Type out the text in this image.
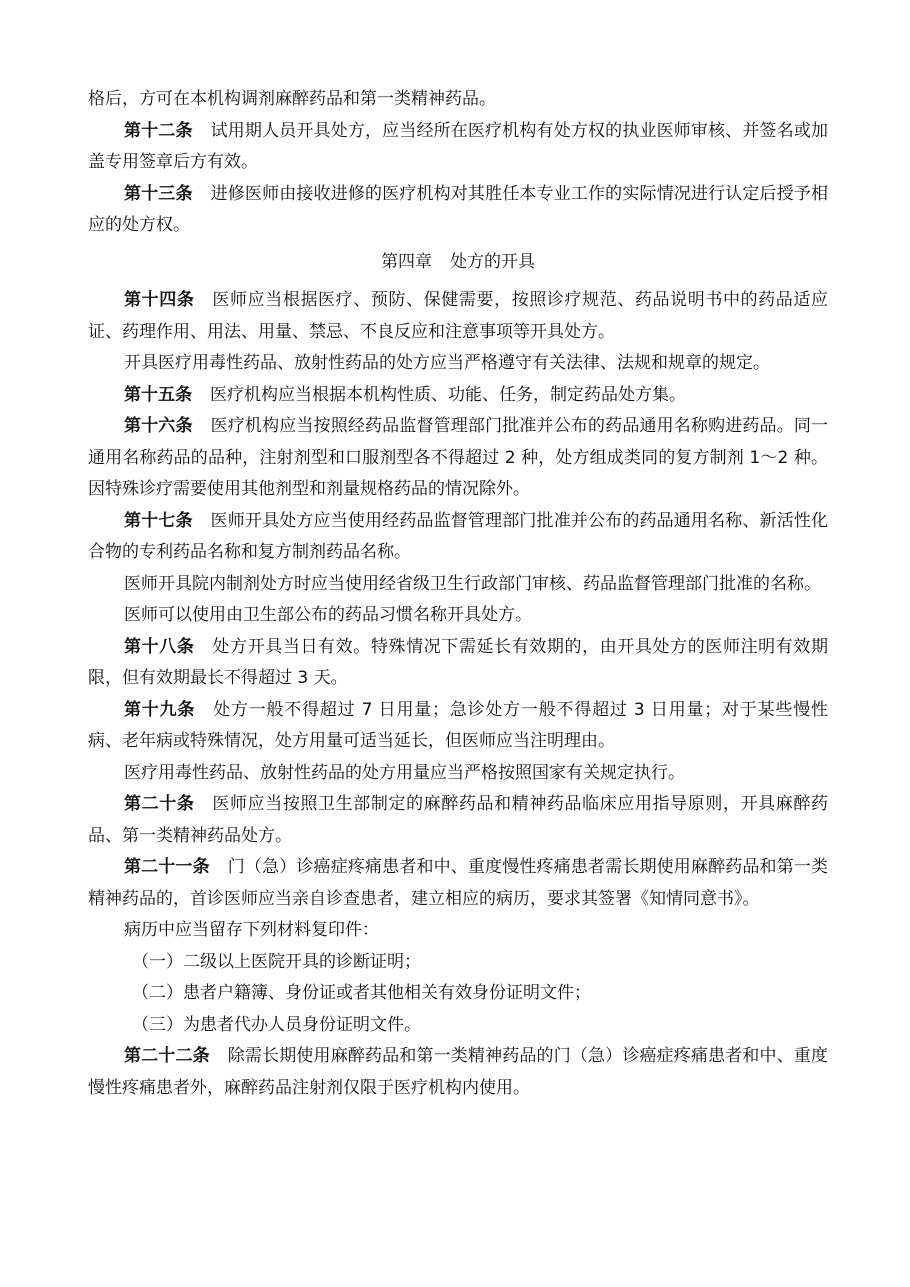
格后，方可在本机构调剂麻醉药品和第一类精神药品。

第十二条 试用期人员开具处方，应当经所在医疗机构有处方权的执业医师审核、并签名或加盖专用签章后方有效。

第十三条 进修医师由接收进修的医疗机构对其胜任本专业工作的实际情况进行认定后授予相应的处方权。

第四章 处方的开具

第十四条 医师应当根据医疗、预防、保健需要，按照诊疗规范、药品说明书中的药品适应证、药理作用、用法、用量、禁忌、不良反应和注意事项等开具处方。

开具医疗用毒性药品、放射性药品的处方应当严格遵守有关法律、法规和规章的规定。

第十五条 医疗机构应当根据本机构性质、功能、任务，制定药品处方集。

第十六条 医疗机构应当按照经药品监督管理部门批准并公布的药品通用名称购进药品。同一通用名称药品的品种，注射剂型和口服剂型各不得超过 2 种，处方组成类同的复方制剂 1～2 种。因特殊诊疗需要使用其他剂型和剂量规格药品的情况除外。

第十七条 医师开具处方应当使用经药品监督管理部门批准并公布的药品通用名称、新活性化合物的专利药品名称和复方制剂药品名称。

医师开具院内制剂处方时应当使用经省级卫生行政部门审核、药品监督管理部门批准的名称。

医师可以使用由卫生部公布的药品习惯名称开具处方。

第十八条 处方开具当日有效。特殊情况下需延长有效期的，由开具处方的医师注明有效期限，但有效期最长不得超过 3 天。

第十九条 处方一般不得超过 7 日用量；急诊处方一般不得超过 3 日用量；对于某些慢性病、老年病或特殊情况，处方用量可适当延长，但医师应当注明理由。

医疗用毒性药品、放射性药品的处方用量应当严格按照国家有关规定执行。

第二十条 医师应当按照卫生部制定的麻醉药品和精神药品临床应用指导原则，开具麻醉药品、第一类精神药品处方。

第二十一条 门（急）诊癌症疼痛患者和中、重度慢性疼痛患者需长期使用麻醉药品和第一类精神药品的，首诊医师应当亲自诊查患者，建立相应的病历，要求其签署《知情同意书》。

病历中应当留存下列材料复印件：

（一）二级以上医院开具的诊断证明；

（二）患者户籍簿、身份证或者其他相关有效身份证明文件；

（三）为患者代办人员身份证明文件。

第二十二条 除需长期使用麻醉药品和第一类精神药品的门（急）诊癌症疼痛患者和中、重度慢性疼痛患者外，麻醉药品注射剂仅限于医疗机构内使用。
